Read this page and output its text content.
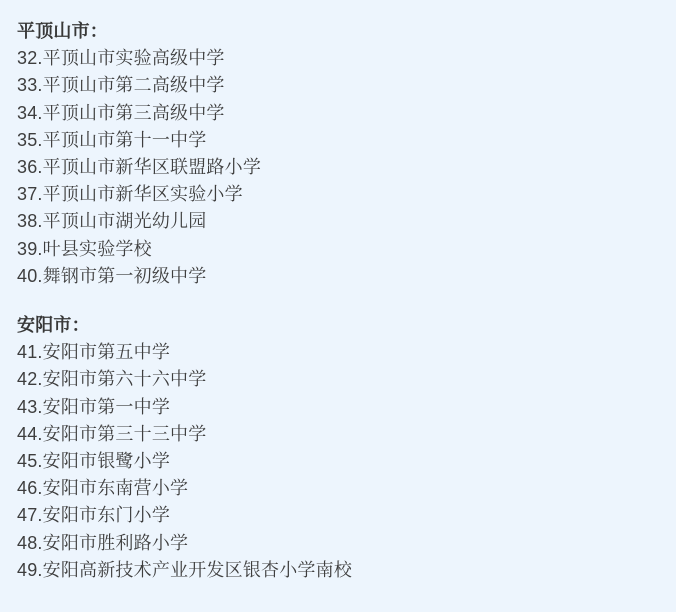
平顶山市：
32.平顶山市实验高级中学
33.平顶山市第二高级中学
34.平顶山市第三高级中学
35.平顶山市第十一中学
36.平顶山市新华区联盟路小学
37.平顶山市新华区实验小学
38.平顶山市湖光幼儿园
39.叶县实验学校
40.舞钢市第一初级中学
安阳市：
41.安阳市第五中学
42.安阳市第六十六中学
43.安阳市第一中学
44.安阳市第三十三中学
45.安阳市银鹭小学
46.安阳市东南营小学
47.安阳市东门小学
48.安阳市胜利路小学
49.安阳高新技术产业开发区银杏小学南校
